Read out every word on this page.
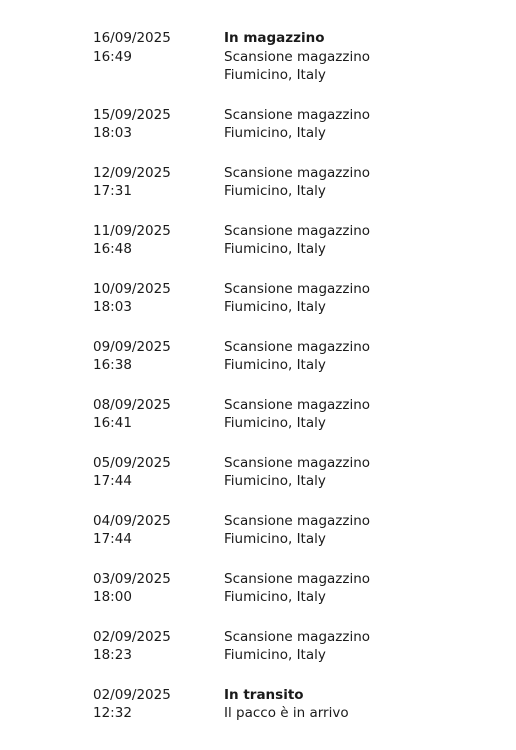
16/09/2025
16:49
In magazzino
Scansione magazzino
Fiumicino, Italy
15/09/2025
18:03
Scansione magazzino
Fiumicino, Italy
12/09/2025
17:31
Scansione magazzino
Fiumicino, Italy
11/09/2025
16:48
Scansione magazzino
Fiumicino, Italy
10/09/2025
18:03
Scansione magazzino
Fiumicino, Italy
09/09/2025
16:38
Scansione magazzino
Fiumicino, Italy
08/09/2025
16:41
Scansione magazzino
Fiumicino, Italy
05/09/2025
17:44
Scansione magazzino
Fiumicino, Italy
04/09/2025
17:44
Scansione magazzino
Fiumicino, Italy
03/09/2025
18:00
Scansione magazzino
Fiumicino, Italy
02/09/2025
18:23
Scansione magazzino
Fiumicino, Italy
02/09/2025
12:32
In transito
Il pacco è in arrivo
